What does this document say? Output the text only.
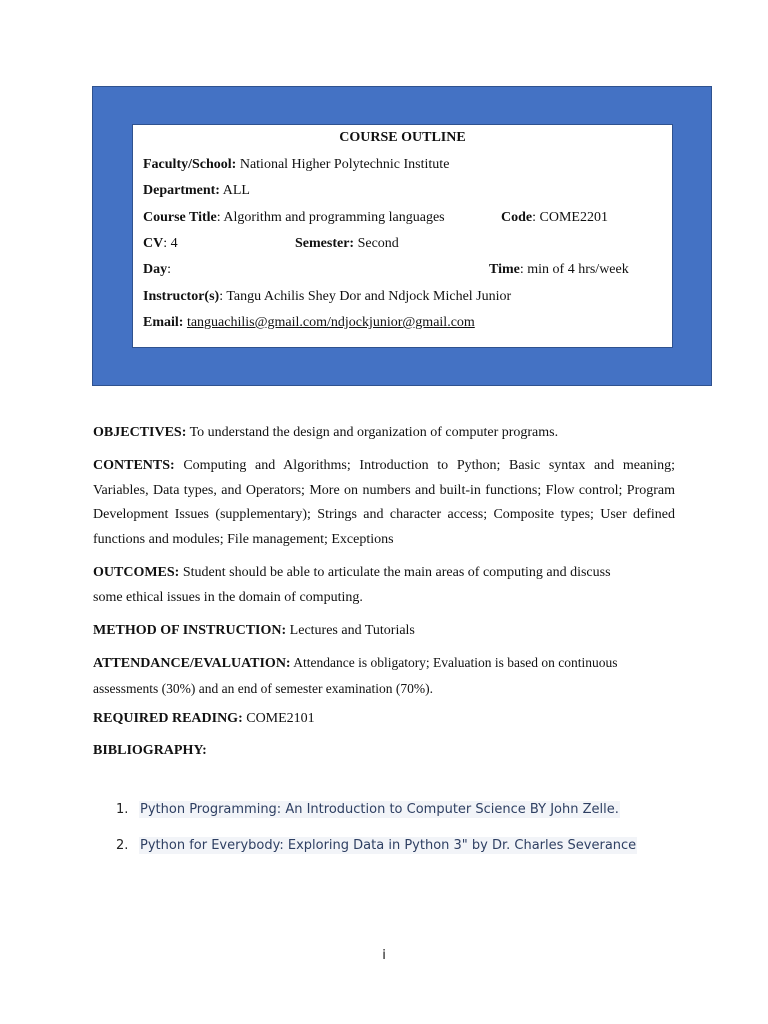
COURSE OUTLINE
Faculty/School: National Higher Polytechnic Institute
Department: ALL
Course Title: Algorithm and programming languages	Code: COME2201
CV: 4	Semester: Second
Day:	Time: min of 4 hrs/week
Instructor(s): Tangu Achilis Shey Dor and Ndjock Michel Junior
Email: tanguachilis@gmail.com/ndjockjunior@gmail.com
OBJECTIVES: To understand the design and organization of computer programs.
CONTENTS: Computing and Algorithms; Introduction to Python; Basic syntax and meaning; Variables, Data types, and Operators; More on numbers and built-in functions; Flow control; Program Development Issues (supplementary); Strings and character access; Composite types; User defined functions and modules; File management; Exceptions
OUTCOMES: Student should be able to articulate the main areas of computing and discuss
some ethical issues in the domain of computing.
METHOD OF INSTRUCTION: Lectures and Tutorials
ATTENDANCE/EVALUATION: Attendance is obligatory; Evaluation is based on continuous
assessments (30%) and an end of semester examination (70%).
REQUIRED READING: COME2101
BIBLIOGRAPHY:
1. Python Programming: An Introduction to Computer Science BY John Zelle.
2. Python for Everybody: Exploring Data in Python 3" by Dr. Charles Severance
i
